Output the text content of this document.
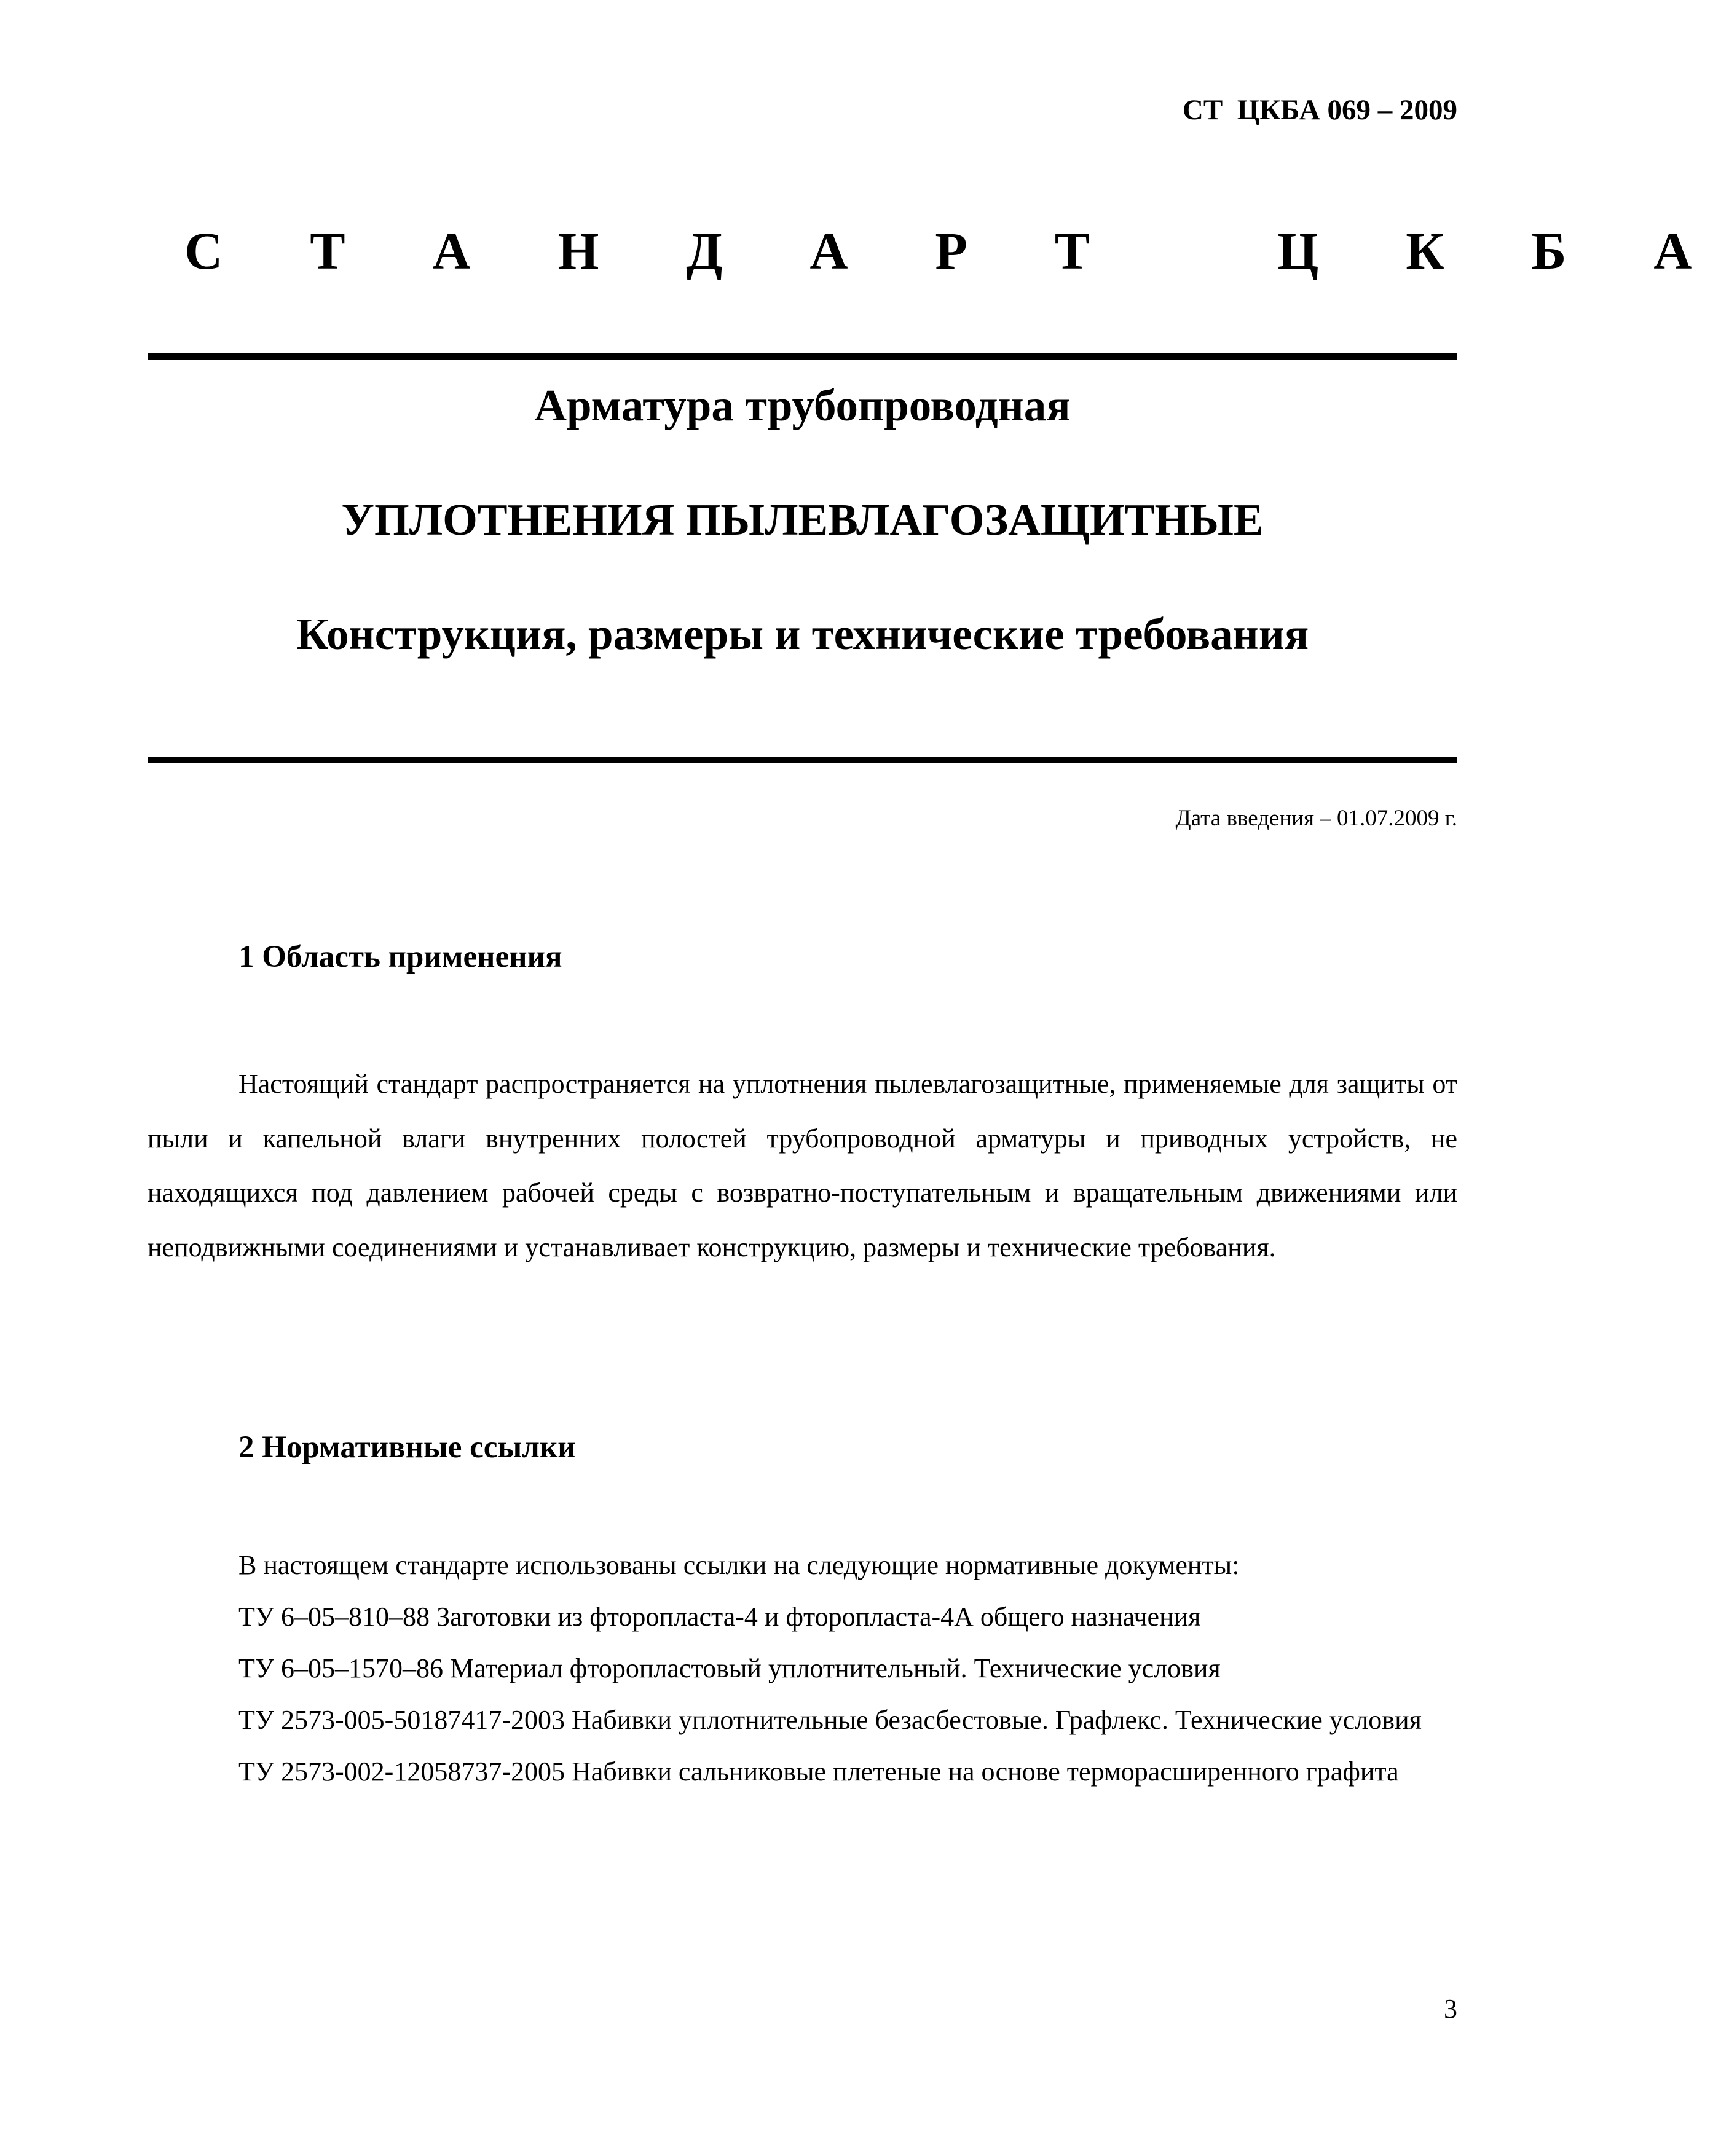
СТ  ЦКБА 069 – 2009
С Т А Н Д А Р Т   Ц К Б А
Арматура трубопроводная
УПЛОТНЕНИЯ ПЫЛЕВЛАГОЗАЩИТНЫЕ
Конструкция, размеры и технические требования
Дата введения – 01.07.2009 г.
1 Область применения

Настоящий стандарт распространяется на уплотнения пылевлагозащитные, применяемые для защиты от пыли и капельной влаги внутренних полостей трубопроводной арматуры и приводных устройств, не находящихся под давлением рабочей среды с возвратно-поступательным и вращательным движениями или неподвижными соединениями и устанавливает конструкцию, размеры и технические требования.

2 Нормативные ссылки
В настоящем стандарте использованы ссылки на следующие нормативные документы:
ТУ 6–05–810–88 Заготовки из фторопласта-4 и фторопласта-4А общего назначения
ТУ 6–05–1570–86 Материал фторопластовый уплотнительный. Технические условия
ТУ 2573-005-50187417-2003 Набивки уплотнительные безасбестовые. Графлекс. Технические условия
ТУ 2573-002-12058737-2005 Набивки сальниковые плетеные на основе терморасширенного графита
3
